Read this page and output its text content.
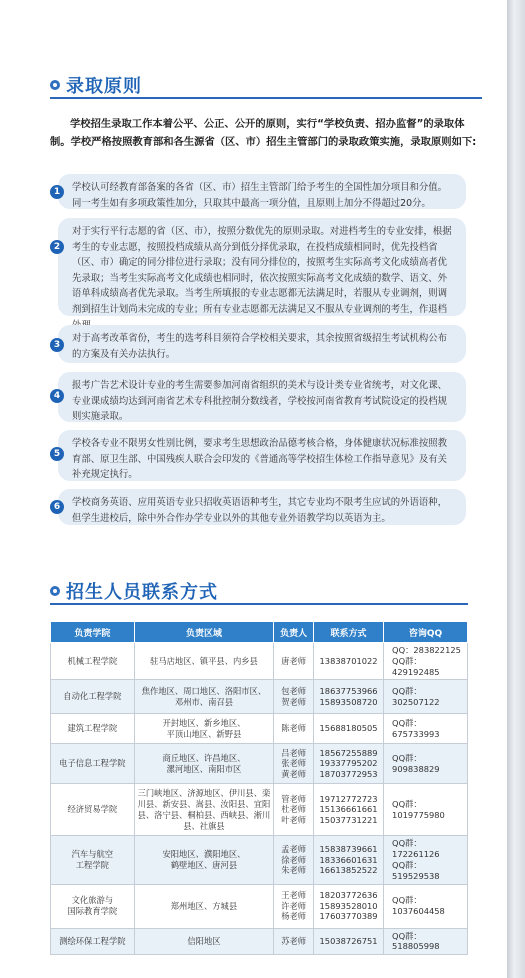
录取原则
学校招生录取工作本着公平、公正、公开的原则，实行“学校负责、招办监督”的录取体制。学校严格按照教育部和各生源省（区、市）招生主管部门的录取政策实施，录取原则如下:
1	学校认可经教育部备案的各省（区、市）招生主管部门给予考生的全国性加分项目和分值。同一考生如有多项政策性加分，只取其中最高一项分值，且原则上加分不得超过20分。
2
对于实行平行志愿的省（区、市），按照分数优先的原则录取。对进档考生的专业安排，根据考生的专业志愿，按照投档成绩从高分到低分择优录取，在投档成绩相同时，优先投档省（区、市）确定的同分排位进行录取；没有同分排位的，按照考生实际高考文化成绩高者优先录取；当考生实际高考文化成绩也相同时，依次按照实际高考文化成绩的数学、语文、外语单科成绩高者优先录取。当考生所填报的专业志愿都无法满足时，若服从专业调剂，则调剂到招生计划尚未完成的专业；所有专业志愿都无法满足又不服从专业调剂的考生，作退档
3
对于高考改革省份，考生的选考科目须符合学校相关要求，其余按照省级招生考试机构公布的方案及有关办法执行。
4
报考广告艺术设计专业的考生需要参加河南省组织的美术与设计类专业省统考，对文化课、专业课成绩均达到河南省艺术专科批控制分数线者，学校按河南省教育考试院设定的投档规则实施录取。
5
学校各专业不限男女性别比例，要求考生思想政治品德考核合格，身体健康状况标准按照教育部、原卫生部、中国残疾人联合会印发的《普通高等学校招生体检工作指导意见》及有关补充规定执行。
6	学校商务英语、应用英语专业只招收英语语种考生，其它专业均不限考生应试的外语语种，但学生进校后，除中外合作办学专业以外的其他专业外语教学均以英语为主。
招生人员联系方式
负责学院	负责区域	负责人	联系方式	咨询QQ
机械工程学院	驻马店地区、镇平县、内乡县	唐老师	13838701022	QQ：283822125
QQ群：429192485
自动化工程学院	焦作地区、周口地区、洛阳市区、
邓州市、南召县	包老师
贺老师	18637753966
15893508720	QQ群：302507122
建筑工程学院	开封地区、新乡地区、
平顶山地区、新野县	陈老师	15688180505	QQ群：675733993
电子信息工程学院	商丘地区、许昌地区、
漯河地区、南阳市区	吕老师
张老师
黄老师	18567255889
19337795202
18703772953	QQ群：909838829
经济贸易学院	三门峡地区、济源地区、伊川县、栾川县、新安县、嵩县、汝阳县、宜阳县、洛宁县、桐柏县、西峡县、淅川县、社旗县	管老师
杜老师
叶老师	19712772723
15136661661
15037731221	QQ群：1019775980
汽车与航空
工程学院	安阳地区、濮阳地区、
鹤壁地区、唐河县	孟老师
徐老师
朱老师	15838739661
18336601631
16613852522	QQ群：172261126
QQ群：519529538
文化旅游与
国际教育学院	郑州地区、方城县	王老师
许老师
杨老师	18203772636
15893528010
17603770389	QQ群：1037604458
测绘环保工程学院	信阳地区	苏老师	15038726751	QQ群：518805998
